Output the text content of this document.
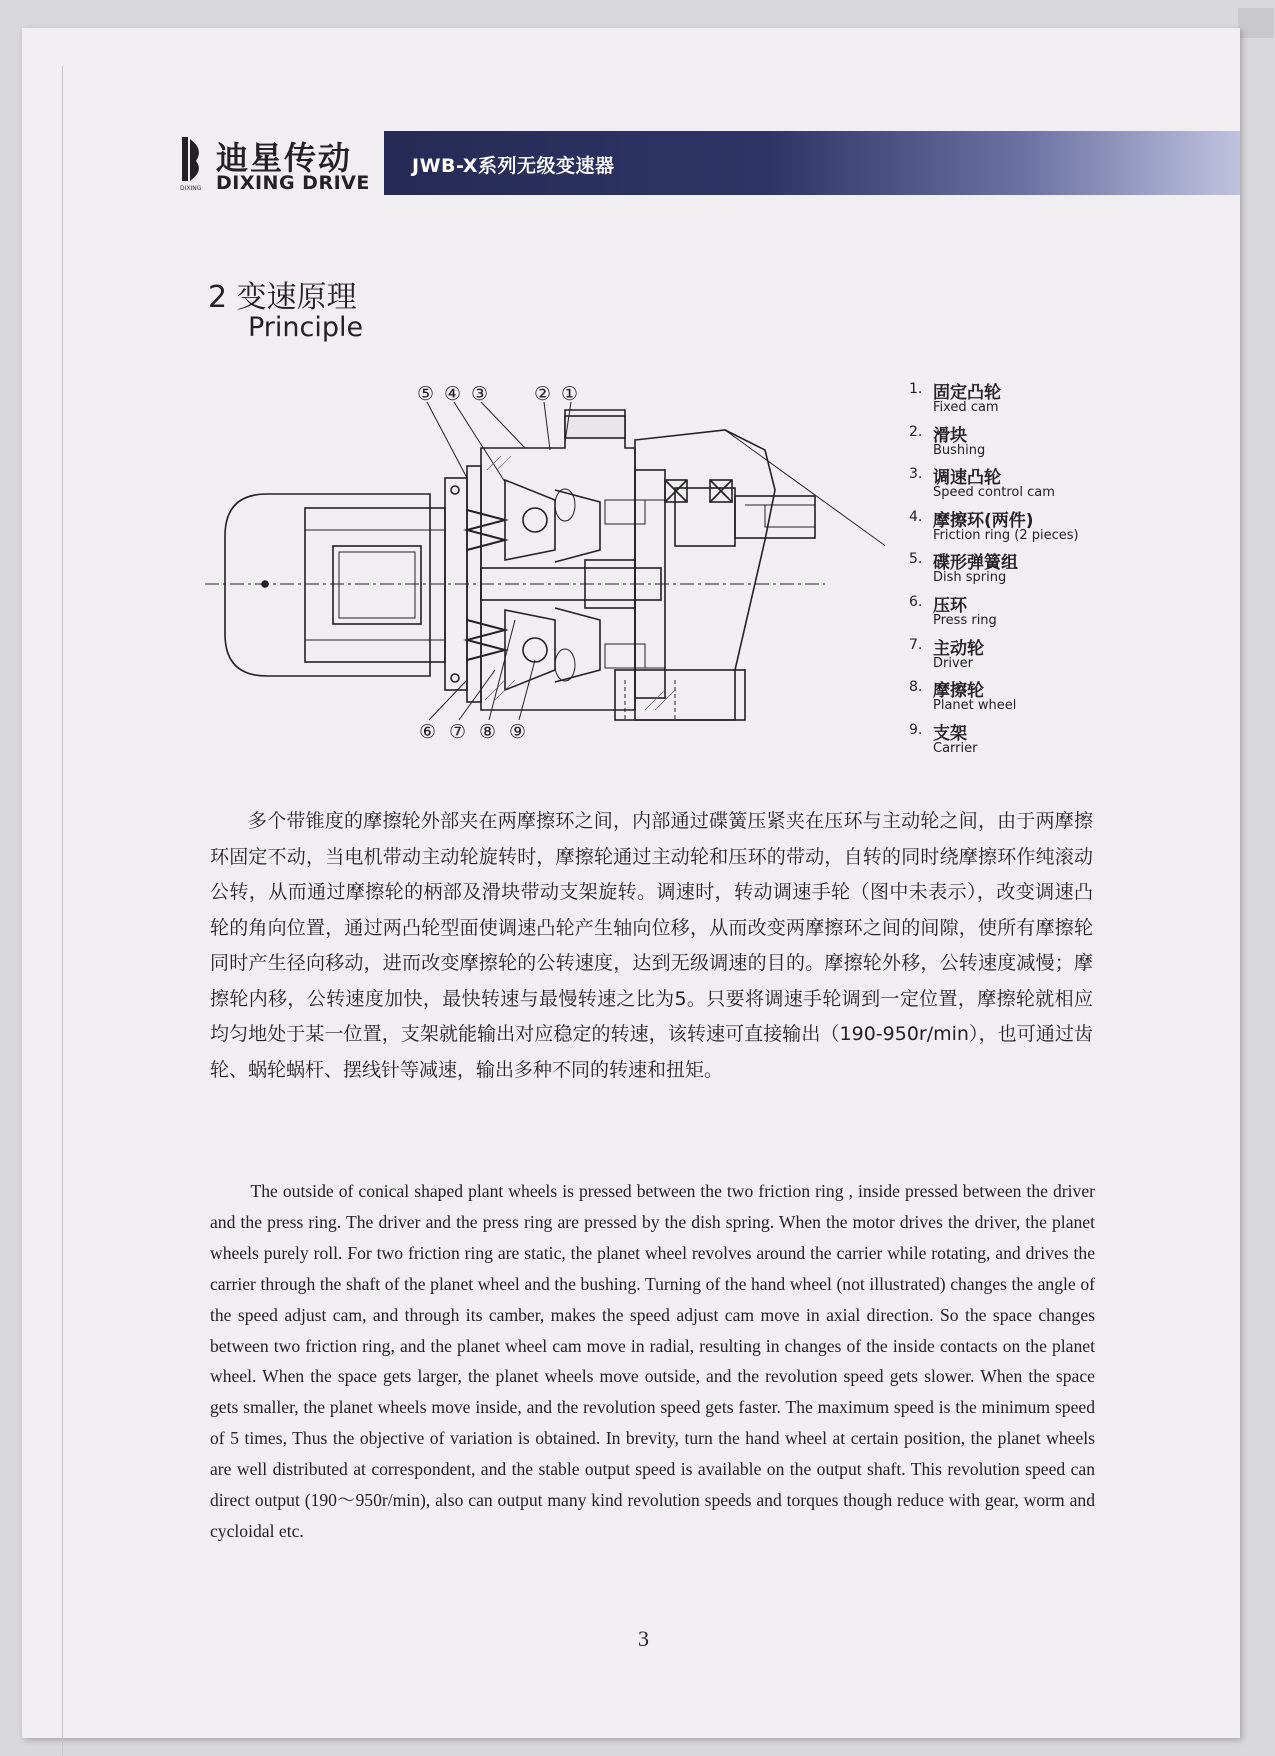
迪星传动
DIXING DRIVE
DIXING
JWB-X系列无级变速器
2 变速原理
Principle
⑤ ④ ③ ② ①
⑥ ⑦ ⑧ ⑨
1. 固定凸轮
Fixed cam
2. 滑块
Bushing
3. 调速凸轮
Speed control cam
4. 摩擦环(两件)
Friction ring (2 pieces)
5. 碟形弹簧组
Dish spring
6. 压环
Press ring
7. 主动轮
Driver
8. 摩擦轮
Planet wheel
9. 支架
Carrier

多个带锥度的摩擦轮外部夹在两摩擦环之间，内部通过碟簧压紧夹在压环与主动轮之间，由于两摩擦环固定不动，当电机带动主动轮旋转时，摩擦轮通过主动轮和压环的带动，自转的同时绕摩擦环作纯滚动公转，从而通过摩擦轮的柄部及滑块带动支架旋转。调速时，转动调速手轮（图中未表示），改变调速凸轮的角向位置，通过两凸轮型面使调速凸轮产生轴向位移，从而改变两摩擦环之间的间隙，使所有摩擦轮同时产生径向移动，进而改变摩擦轮的公转速度，达到无级调速的目的。摩擦轮外移，公转速度减慢；摩擦轮内移，公转速度加快，最快转速与最慢转速之比为5。只要将调速手轮调到一定位置，摩擦轮就相应均匀地处于某一位置，支架就能输出对应稳定的转速，该转速可直接输出（190-950r/min），也可通过齿轮、蜗轮蜗杆、摆线针等减速，输出多种不同的转速和扭矩。

The outside of conical shaped plant wheels is pressed between the two friction ring , inside pressed between the driver and the press ring. The driver and the press ring are pressed by the dish spring. When the motor drives the driver, the planet wheels purely roll. For two friction ring are static, the planet wheel revolves around the carrier while rotating, and drives the carrier through the shaft of the planet wheel and the bushing. Turning of the hand wheel (not illustrated) changes the angle of the speed adjust cam, and through its camber, makes the speed adjust cam move in axial direction. So the space changes between two friction ring, and the planet wheel cam move in radial, resulting in changes of the inside contacts on the planet wheel. When the space gets larger, the planet wheels move outside, and the revolution speed gets slower. When the space gets smaller, the planet wheels move inside, and the revolution speed gets faster. The maximum speed is the minimum speed of 5 times, Thus the objective of variation is obtained. In brevity, turn the hand wheel at certain position, the planet wheels are well distributed at correspondent, and the stable output speed is available on the output shaft. This revolution speed can direct output (190～950r/min), also can output many kind revolution speeds and torques though reduce with gear, worm and cycloidal etc.

3
